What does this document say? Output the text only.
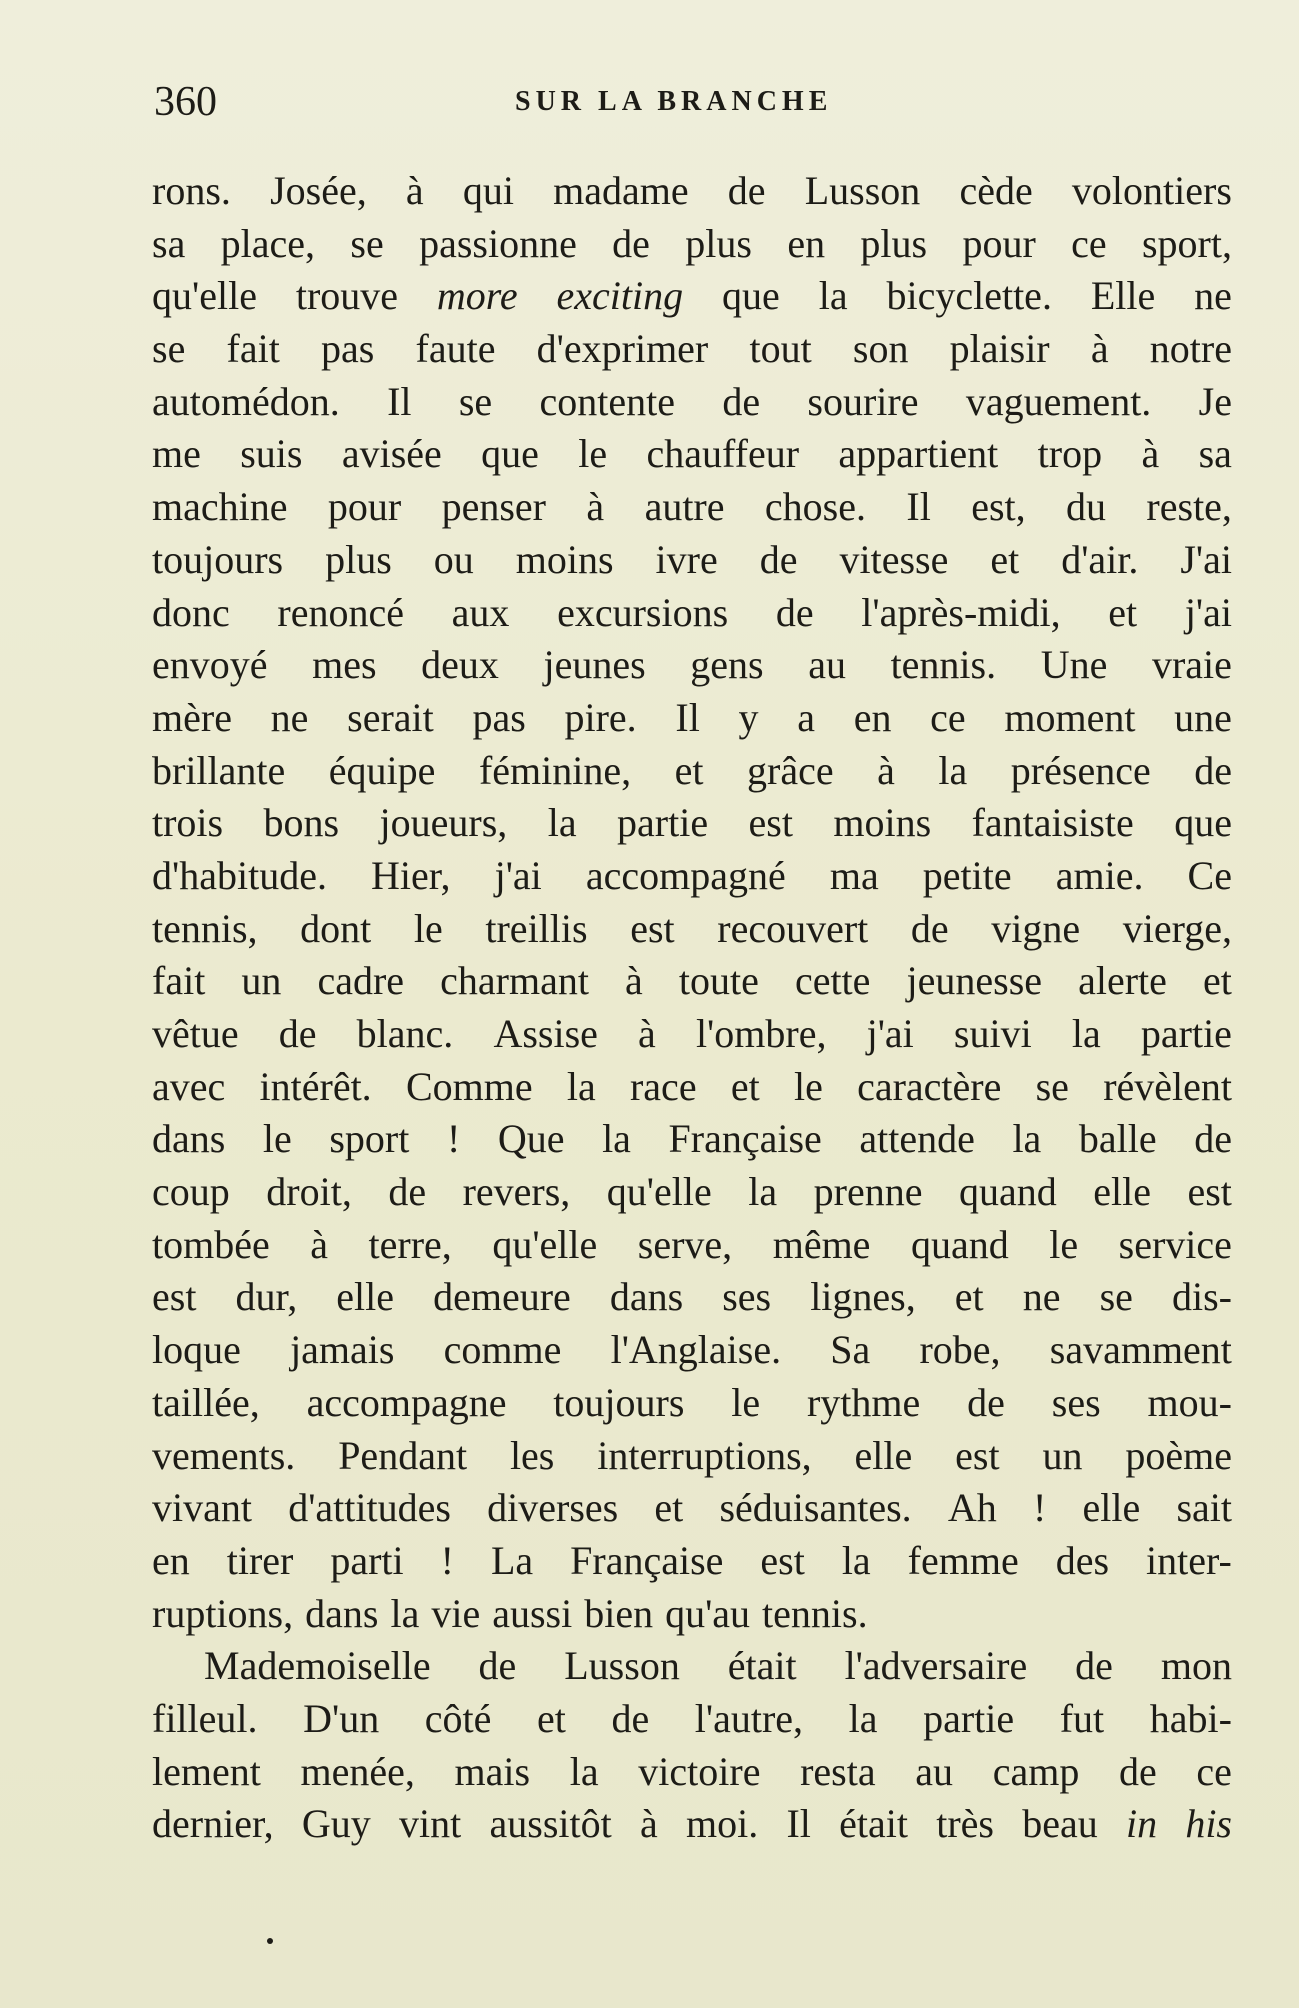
360	SUR LA BRANCHE
rons. Josée, à qui madame de Lusson cède volontiers
sa place, se passionne de plus en plus pour ce sport,
qu'elle trouve more exciting que la bicyclette. Elle ne
se fait pas faute d'exprimer tout son plaisir à notre
automédon. Il se contente de sourire vaguement. Je
me suis avisée que le chauffeur appartient trop à sa
machine pour penser à autre chose. Il est, du reste,
toujours plus ou moins ivre de vitesse et d'air. J'ai
donc renoncé aux excursions de l'après-midi, et j'ai
envoyé mes deux jeunes gens au tennis. Une vraie
mère ne serait pas pire. Il y a en ce moment une
brillante équipe féminine, et grâce à la présence de
trois bons joueurs, la partie est moins fantaisiste que
d'habitude. Hier, j'ai accompagné ma petite amie. Ce
tennis, dont le treillis est recouvert de vigne vierge,
fait un cadre charmant à toute cette jeunesse alerte et
vêtue de blanc. Assise à l'ombre, j'ai suivi la partie
avec intérêt. Comme la race et le caractère se révèlent
dans le sport ! Que la Française attende la balle de
coup droit, de revers, qu'elle la prenne quand elle est
tombée à terre, qu'elle serve, même quand le service
est dur, elle demeure dans ses lignes, et ne se dis-
loque jamais comme l'Anglaise. Sa robe, savamment
taillée, accompagne toujours le rythme de ses mou-
vements. Pendant les interruptions, elle est un poème
vivant d'attitudes diverses et séduisantes. Ah ! elle sait
en tirer parti ! La Française est la femme des inter-
ruptions, dans la vie aussi bien qu'au tennis.
Mademoiselle de Lusson était l'adversaire de mon
filleul. D'un côté et de l'autre, la partie fut habi-
lement menée, mais la victoire resta au camp de ce
dernier, Guy vint aussitôt à moi. Il était très beau in his
